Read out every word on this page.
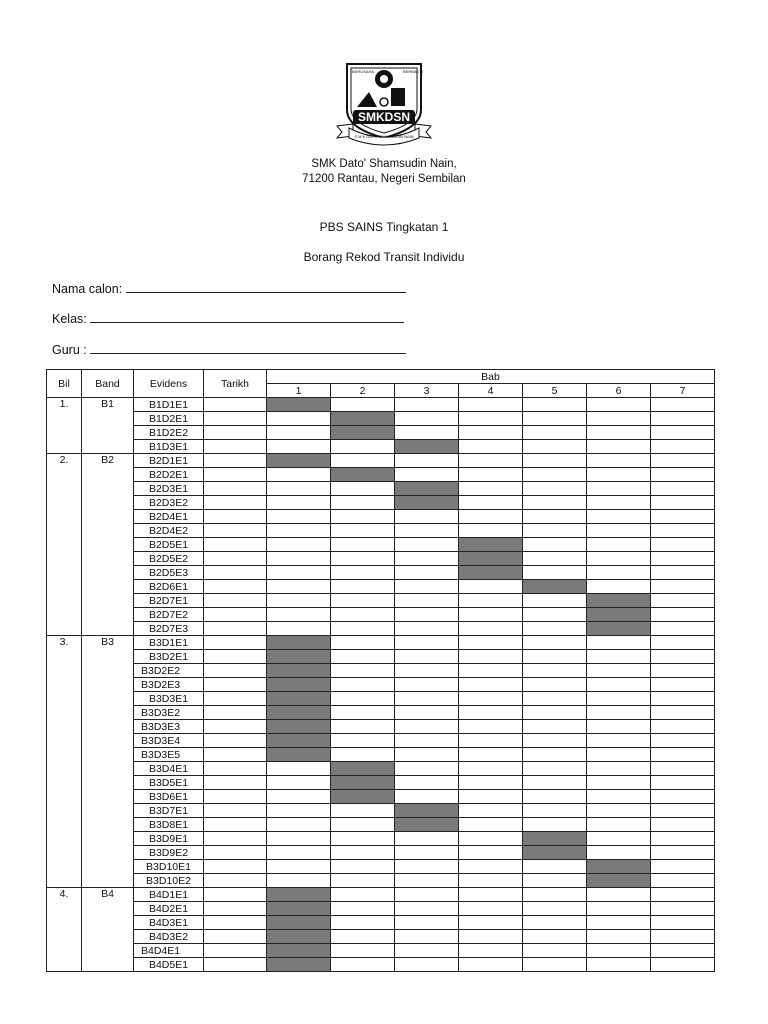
BERUSAHA	BERBAKTI
SMKDSN
S M K DATO' SHAMSUDIN NAIN
SMK Dato' Shamsudin Nain,
71200 Rantau, Negeri Sembilan
PBS SAINS Tingkatan 1
Borang Rekod Transit Individu
Nama calon:
Kelas:
Guru :
Bil	Band	Evidens	Tarikh	Bab						
				1	2	3	4	5	6	7
1.	B1	B1D1E1								
		B1D2E1								
		B1D2E2								
		B1D3E1								
2.	B2	B2D1E1								
		B2D2E1								
		B2D3E1								
		B2D3E2								
		B2D4E1								
		B2D4E2								
		B2D5E1								
		B2D5E2								
		B2D5E3								
		B2D6E1								
		B2D7E1								
		B2D7E2								
		B2D7E3								
3.	B3	B3D1E1								
		B3D2E1								
		B3D2E2								
		B3D2E3								
		B3D3E1								
		B3D3E2								
		B3D3E3								
		B3D3E4								
		B3D3E5								
		B3D4E1								
		B3D5E1								
		B3D6E1								
		B3D7E1								
		B3D8E1								
		B3D9E1								
		B3D9E2								
		B3D10E1								
		B3D10E2								
4.	B4	B4D1E1								
		B4D2E1								
		B4D3E1								
		B4D3E2								
		B4D4E1								
		B4D5E1								
